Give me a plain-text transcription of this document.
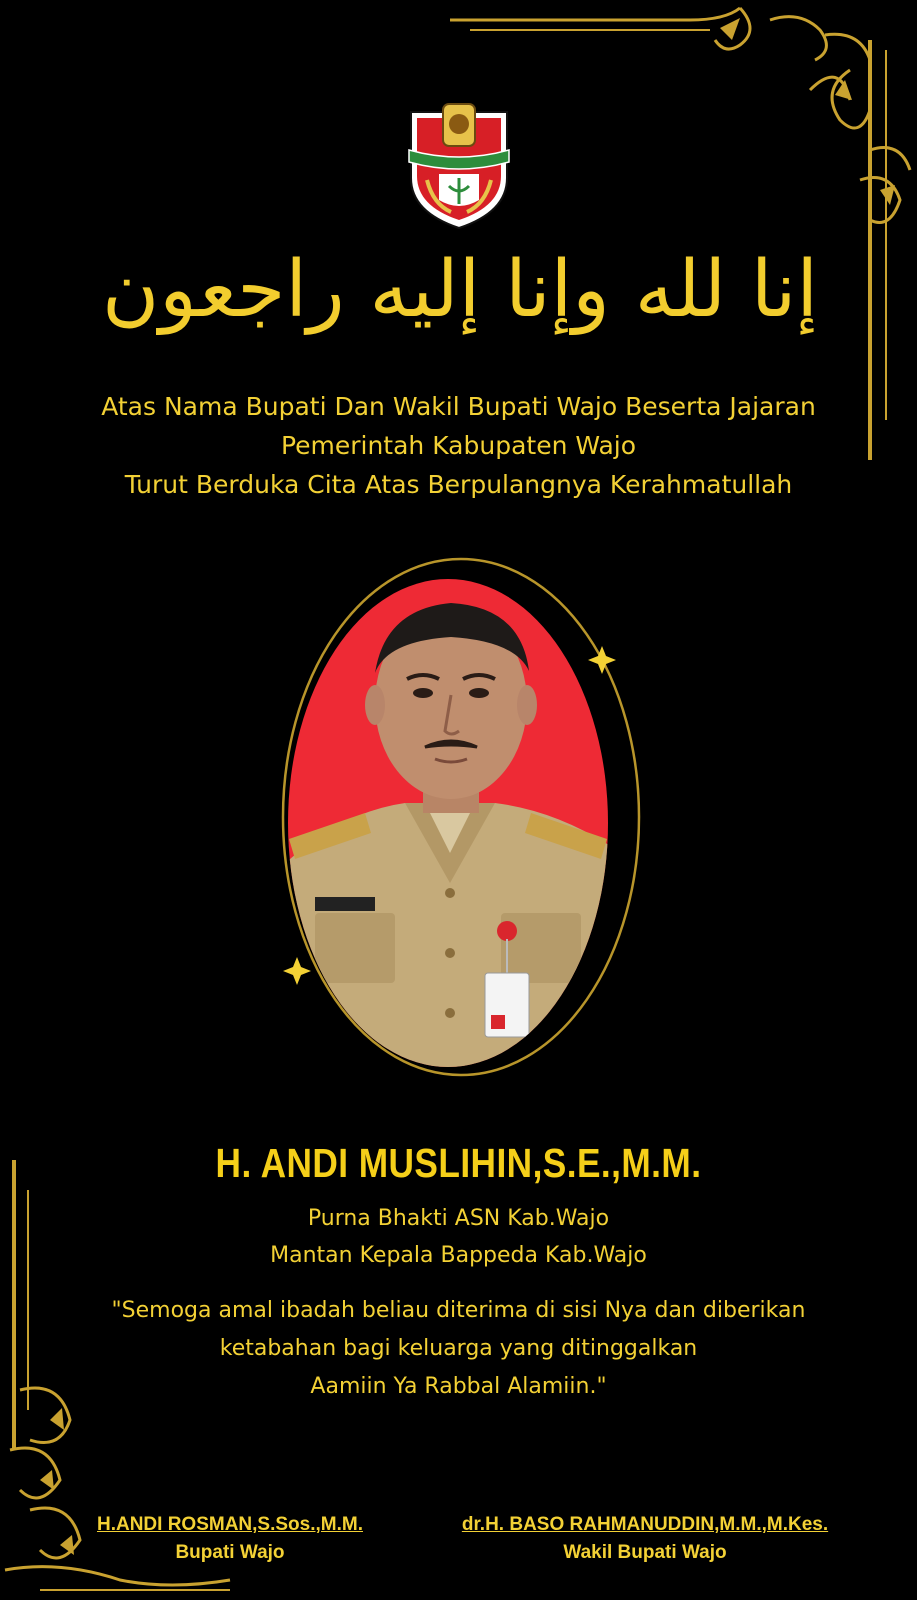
إنا لله وإنا إليه راجعون
Atas Nama Bupati Dan Wakil Bupati Wajo Beserta Jajaran
Pemerintah Kabupaten Wajo
Turut Berduka Cita Atas Berpulangnya Kerahmatullah
H. ANDI MUSLIHIN,S.E.,M.M.
Purna Bhakti ASN Kab.Wajo
Mantan Kepala Bappeda Kab.Wajo
"Semoga amal ibadah beliau diterima di sisi Nya dan diberikan
ketabahan bagi keluarga yang ditinggalkan
Aamiin Ya Rabbal Alamiin."
H.ANDI ROSMAN,S.Sos.,M.M.
Bupati Wajo
dr.H. BASO RAHMANUDDIN,M.M.,M.Kes.
Wakil Bupati Wajo
